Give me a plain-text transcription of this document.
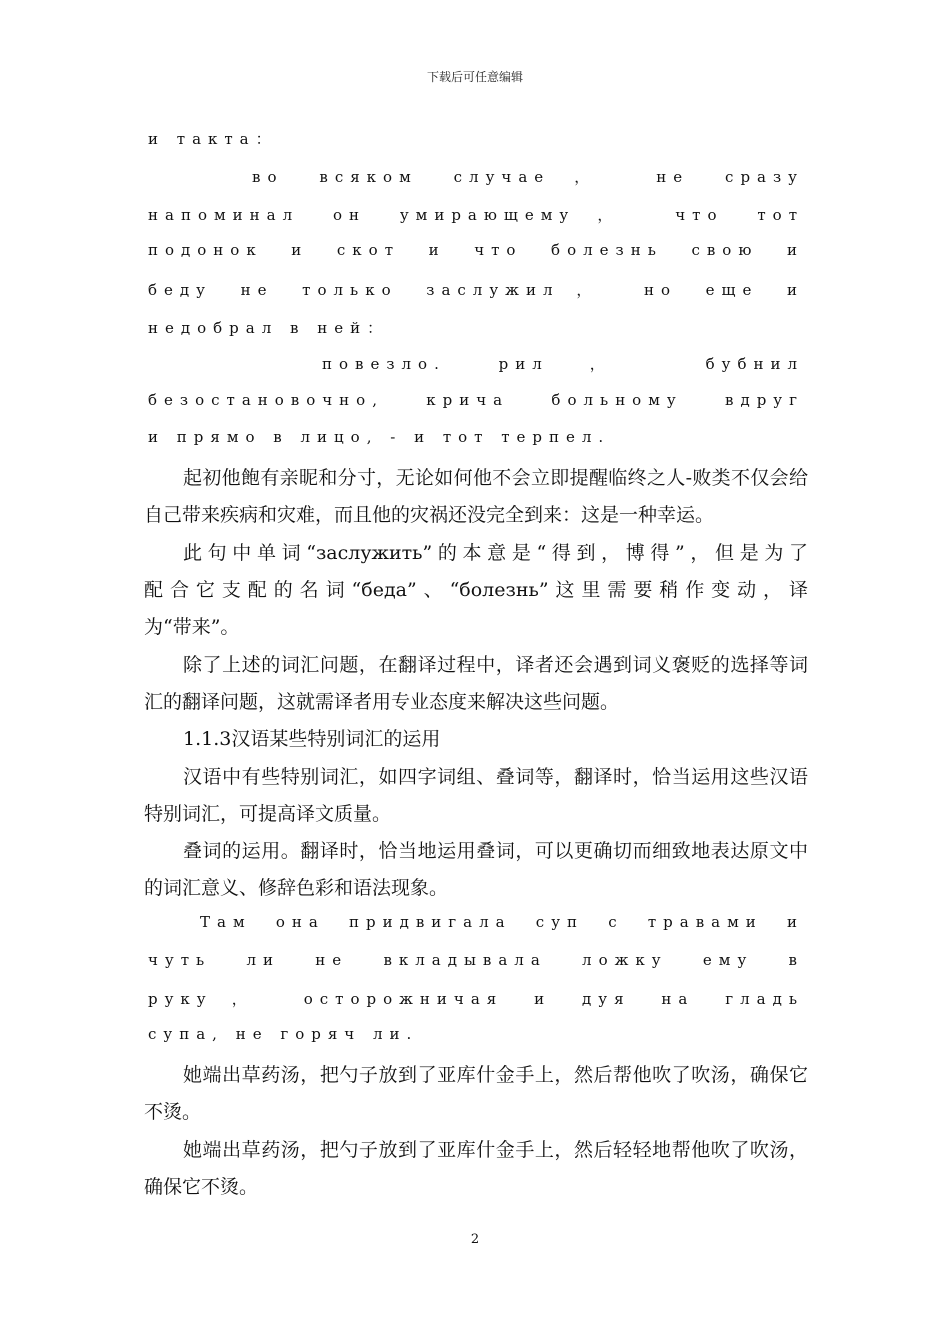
下载后可任意编辑
и такта：
во всяком случае， не сразу
напоминал он умирающему， что тот
подонок и скот и что болезнь свою и
беду не только заслужил， но еще и
недобрал в ней：
повезло. рил， бубнил
безостановочно, крича больному вдруг
и прямо в лицо, - и тот терпел.
起初他飽有亲昵和分寸，无论如何他不会立即提醒临终之人-败类不仅会给
自己带来疾病和灾难，而且他的灾祸还没完全到来：这是一种幸运。
此句中单词“заслужить”的本意是“得到，博得”，但是为了
配合它支配的名词“беда”、“болезнь”这里需要稍作变动，译
为“带来”。
除了上述的词汇问题，在翻译过程中，译者还会遇到词义褒贬的选择等词
汇的翻译问题，这就需译者用专业态度来解决这些问题。
1.1.3汉语某些特别词汇的运用
汉语中有些特别词汇，如四字词组、叠词等，翻译时，恰当运用这些汉语
特别词汇，可提高译文质量。
叠词的运用。翻译时，恰当地运用叠词，可以更确切而细致地表达原文中
的词汇意义、修辞色彩和语法现象。
Там она придвигала суп с травами и
чуть ли не вкладывала ложку ему в
руку， осторожничая и дуя на гладь
супа, не горяч ли.
她端出草药汤，把勺子放到了亚库什金手上，然后帮他吹了吹汤，确保它
不烫。
她端出草药汤，把勺子放到了亚库什金手上，然后轻轻地帮他吹了吹汤，
确保它不烫。
2
